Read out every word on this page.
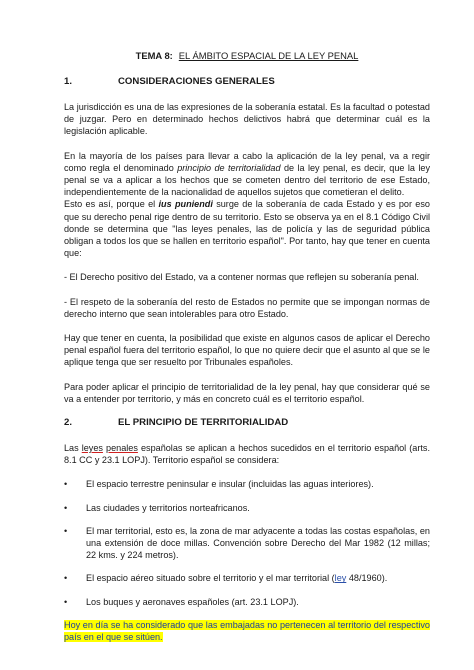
TEMA 8: EL ÁMBITO ESPACIAL DE LA LEY PENAL
1.	CONSIDERACIONES GENERALES

La jurisdicción es una de las expresiones de la soberanía estatal. Es la facultad o potestad de juzgar. Pero en determinado hechos delictivos habrá que determinar cuál es la legislación aplicable.

En la mayoría de los países para llevar a cabo la aplicación de la ley penal, va a regir como regla el denominado principio de territorialidad de la ley penal, es decir, que la ley penal se va a aplicar a los hechos que se cometen dentro del territorio de ese Estado, independientemente de la nacionalidad de aquellos sujetos que cometieran el delito.

Esto es así, porque el ius puniendi surge de la soberanía de cada Estado y es por eso que su derecho penal rige dentro de su territorio. Esto se observa ya en el 8.1 Código Civil donde se determina que "las leyes penales, las de policía y las de seguridad pública obligan a todos los que se hallen en territorio español". Por tanto, hay que tener en cuenta que:

- El Derecho positivo del Estado, va a contener normas que reflejen su soberanía penal.

- El respeto de la soberanía del resto de Estados no permite que se impongan normas de derecho interno que sean intolerables para otro Estado.

Hay que tener en cuenta, la posibilidad que existe en algunos casos de aplicar el Derecho penal español fuera del territorio español, lo que no quiere decir que el asunto al que se le aplique tenga que ser resuelto por Tribunales españoles.

Para poder aplicar el principio de territorialidad de la ley penal, hay que considerar qué se va a entender por territorio, y más en concreto cuál es el territorio español.

2.	EL PRINCIPIO DE TERRITORIALIDAD

Las leyes penales españolas se aplican a hechos sucedidos en el territorio español (arts. 8.1 CC y 23.1 LOPJ). Territorio español se considera:

• El espacio terrestre peninsular e insular (incluidas las aguas interiores).
• Las ciudades y territorios norteafricanos.
• El mar territorial, esto es, la zona de mar adyacente a todas las costas españolas, en una extensión de doce millas. Convención sobre Derecho del Mar 1982 (12 millas; 22 kms. y 224 metros).
• El espacio aéreo situado sobre el territorio y el mar territorial (ley 48/1960).
• Los buques y aeronaves españoles (art. 23.1 LOPJ).

Hoy en día se ha considerado que las embajadas no pertenecen al territorio del respectivo país en el que se sitúen.
